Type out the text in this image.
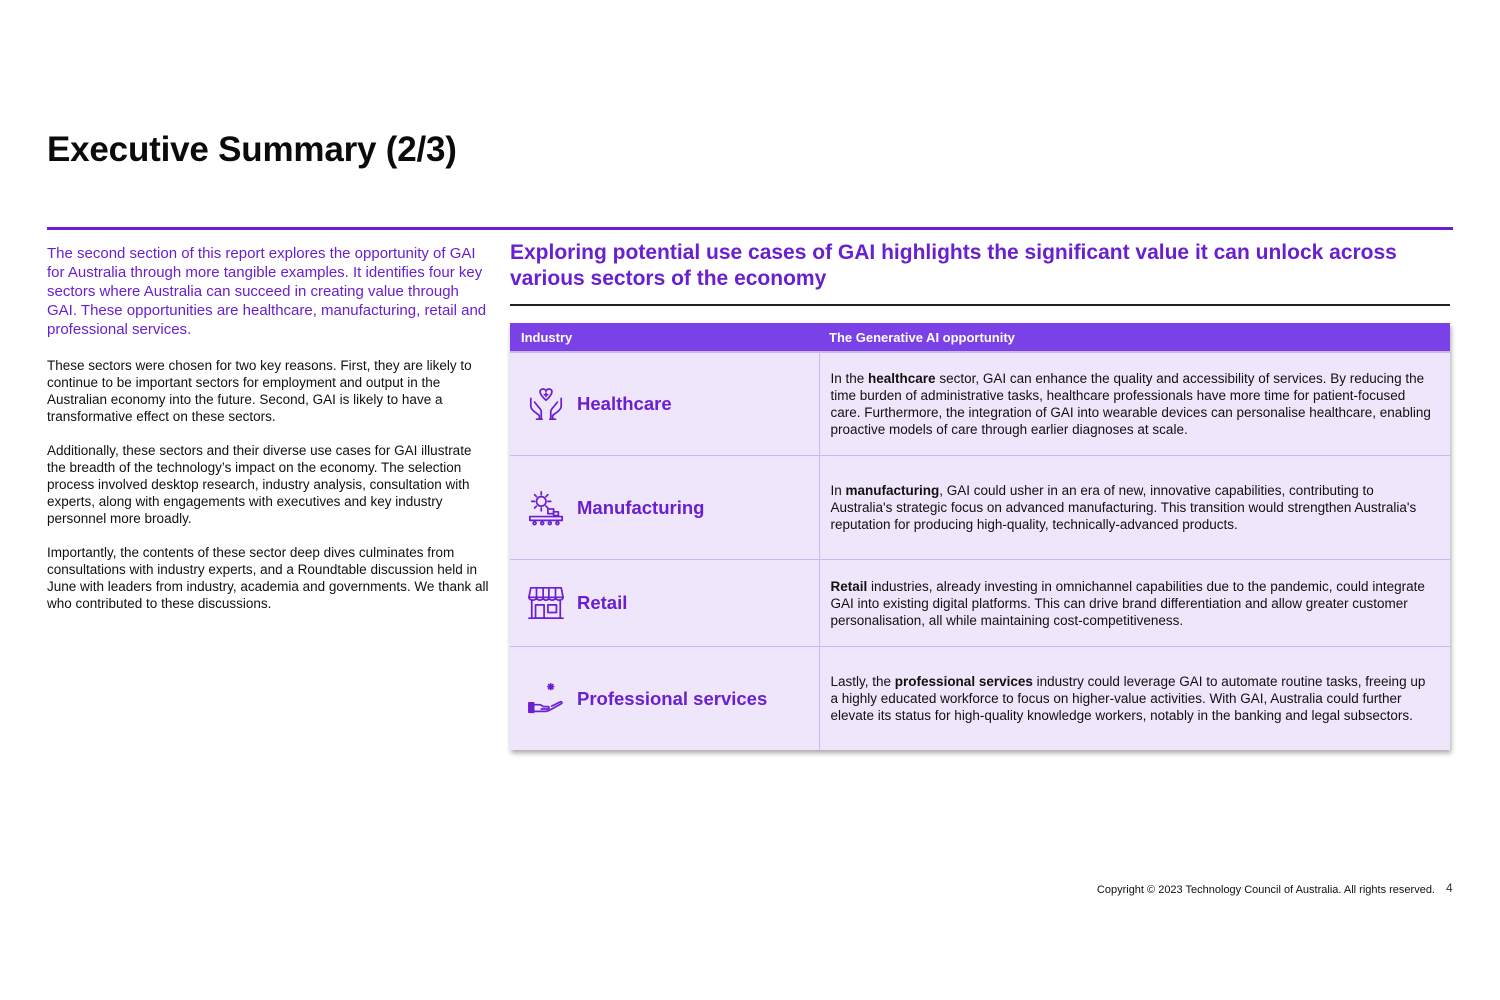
Executive Summary (2/3)

The second section of this report explores the opportunity of GAI for Australia through more tangible examples. It identifies four key sectors where Australia can succeed in creating value through GAI. These opportunities are healthcare, manufacturing, retail and professional services.

These sectors were chosen for two key reasons. First, they are likely to continue to be important sectors for employment and output in the Australian economy into the future. Second, GAI is likely to have a transformative effect on these sectors.

Additionally, these sectors and their diverse use cases for GAI illustrate the breadth of the technology’s impact on the economy. The selection process involved desktop research, industry analysis, consultation with experts, along with engagements with executives and key industry personnel more broadly.

Importantly, the contents of these sector deep dives culminates from consultations with industry experts, and a Roundtable discussion held in June with leaders from industry, academia and governments. We thank all who contributed to these discussions.

Exploring potential use cases of GAI highlights the significant value it can unlock across various sectors of the economy
Industry	The Generative AI opportunity

Healthcare	In the healthcare sector, GAI can enhance the quality and accessibility of services. By reducing the time burden of administrative tasks, healthcare professionals have more time for patient-focused care. Furthermore, the integration of GAI into wearable devices can personalise healthcare, enabling proactive models of care through earlier diagnoses at scale.

Manufacturing	In manufacturing, GAI could usher in an era of new, innovative capabilities, contributing to Australia's strategic focus on advanced manufacturing. This transition would strengthen Australia's reputation for producing high-quality, technically-advanced products.

Retail	Retail industries, already investing in omnichannel capabilities due to the pandemic, could integrate GAI into existing digital platforms. This can drive brand differentiation and allow greater customer personalisation, all while maintaining cost-competitiveness.

Professional services	Lastly, the professional services industry could leverage GAI to automate routine tasks, freeing up a highly educated workforce to focus on higher-value activities. With GAI, Australia could further elevate its status for high-quality knowledge workers, notably in the banking and legal subsectors.
Copyright © 2023 Technology Council of Australia. All rights reserved. 4
